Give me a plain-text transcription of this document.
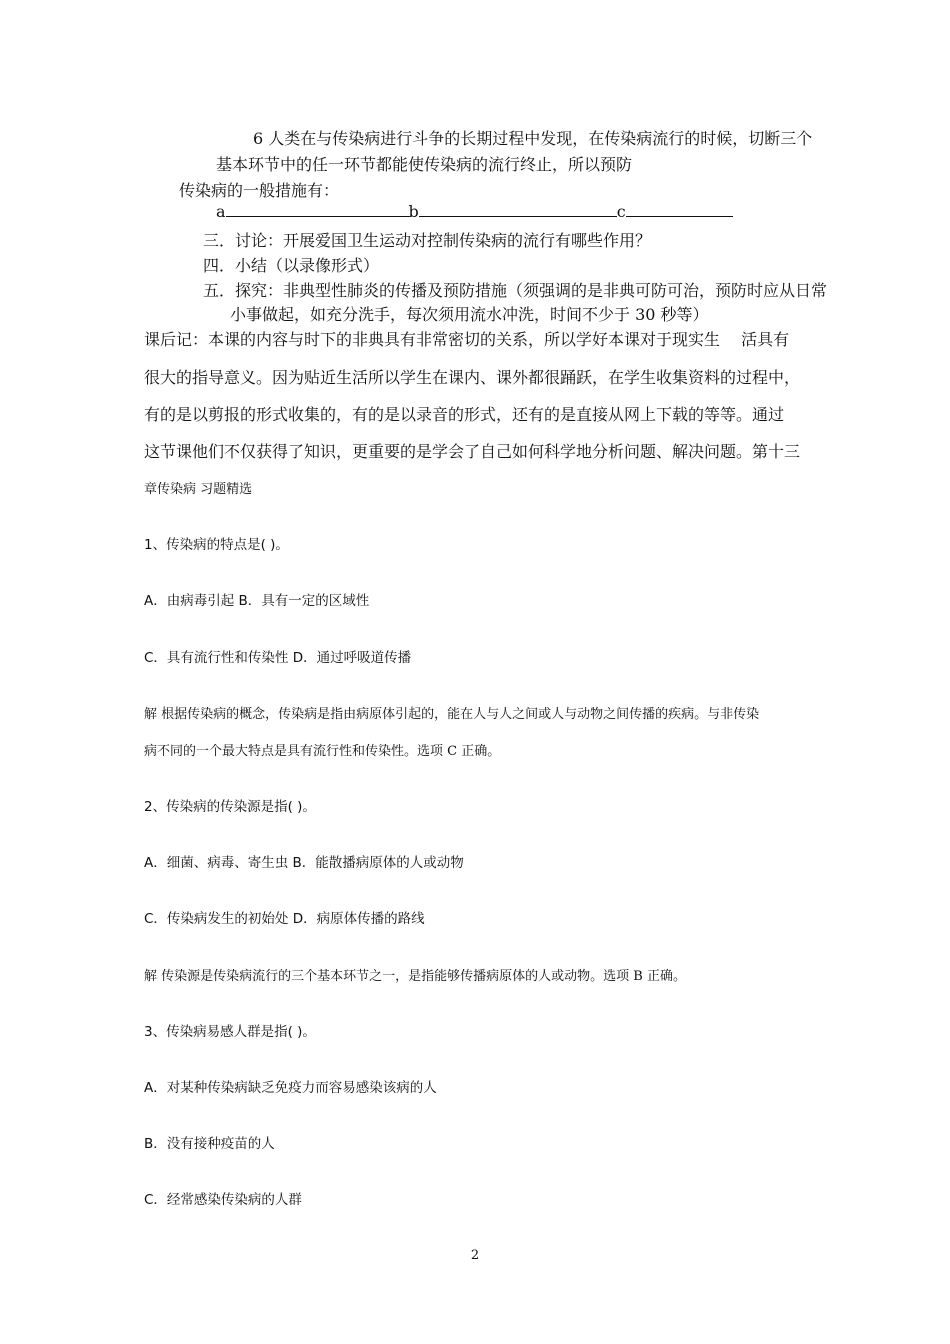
6 人类在与传染病进行斗争的长期过程中发现，在传染病流行的时候，切断三个
基本环节中的任一环节都能使传染病的流行终止，所以预防
传染病的一般措施有：
a	b	c
三．讨论：开展爱国卫生运动对控制传染病的流行有哪些作用？
四．小结（以录像形式）
五．探究：非典型性肺炎的传播及预防措施（须强调的是非典可防可治，预防时应从日常
小事做起，如充分洗手，每次须用流水冲洗，时间不少于 30 秒等）
课后记：本课的内容与时下的非典具有非常密切的关系，所以学好本课对于现实生　 活具有
很大的指导意义。因为贴近生活所以学生在课内、课外都很踊跃，在学生收集资料的过程中，
有的是以剪报的形式收集的，有的是以录音的形式，还有的是直接从网上下载的等等。通过
这节课他们不仅获得了知识，更重要的是学会了自己如何科学地分析问题、解决问题。第十三
章传染病 习题精选
1、传染病的特点是( )。
A．由病毒引起 B．具有一定的区域性
C．具有流行性和传染性 D．通过呼吸道传播
解 根据传染病的概念，传染病是指由病原体引起的，能在人与人之间或人与动物之间传播的疾病。与非传染
病不同的一个最大特点是具有流行性和传染性。选项 C 正确。
2、传染病的传染源是指( )。
A．细菌、病毒、寄生虫 B．能散播病原体的人或动物
C．传染病发生的初始处 D．病原体传播的路线
解 传染源是传染病流行的三个基本环节之一，是指能够传播病原体的人或动物。选项 B 正确。
3、传染病易感人群是指( )。
A．对某种传染病缺乏免疫力而容易感染该病的人
B．没有接种疫苗的人
C．经常感染传染病的人群
2
